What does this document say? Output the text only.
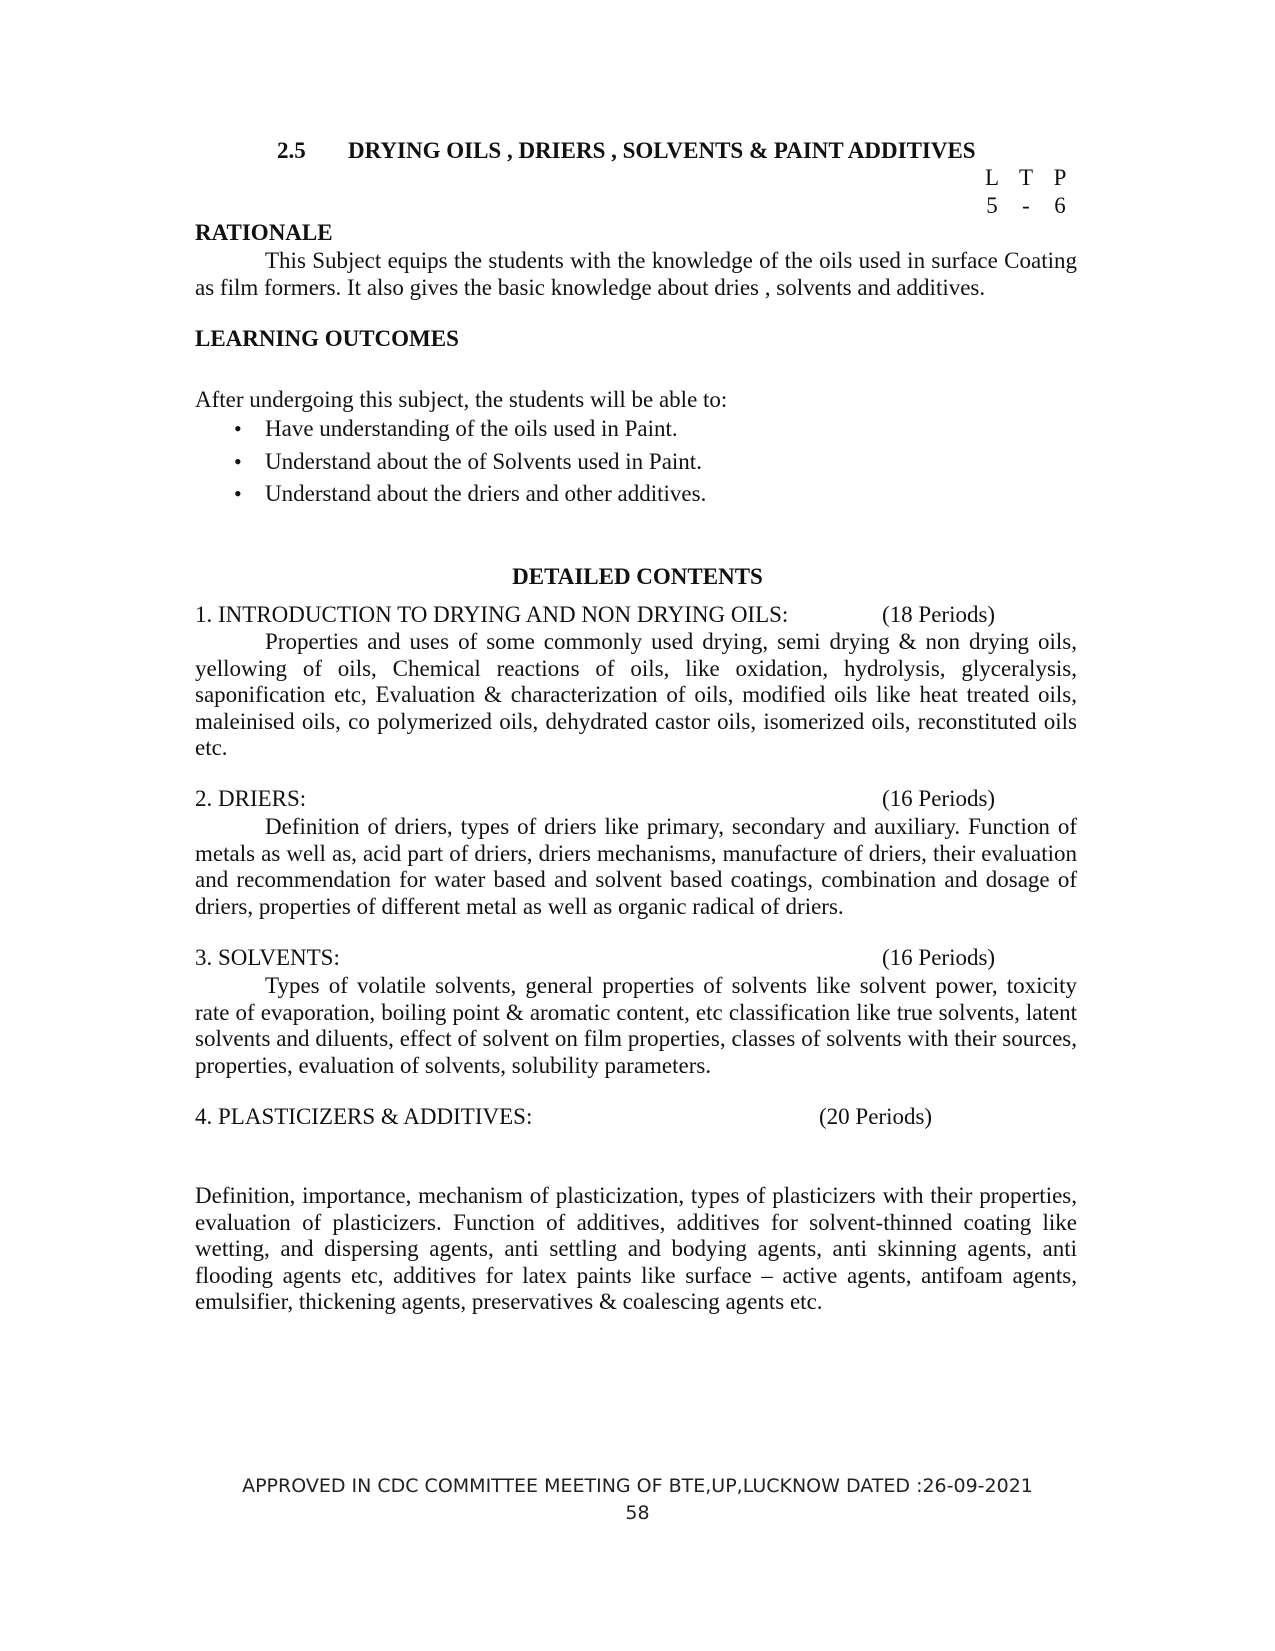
2.5 DRYING OILS , DRIERS , SOLVENTS & PAINT ADDITIVES
L T P
5	-	6
RATIONALE
This Subject equips the students with the knowledge of the oils used in surface Coating as film formers. It also gives the basic knowledge about dries , solvents and additives.
LEARNING OUTCOMES
After undergoing this subject, the students will be able to:
• Have understanding of the oils used in Paint.
• Understand about the of Solvents used in Paint.
• Understand about the driers and other additives.
DETAILED CONTENTS
1. INTRODUCTION TO DRYING AND NON DRYING OILS:	(18 Periods)
Properties and uses of some commonly used drying, semi drying & non drying oils, yellowing of oils, Chemical reactions of oils, like oxidation, hydrolysis, glyceralysis, saponification etc, Evaluation & characterization of oils, modified oils like heat treated oils, maleinised oils, co polymerized oils, dehydrated castor oils, isomerized oils, reconstituted oils etc.
2. DRIERS:	(16 Periods)
Definition of driers, types of driers like primary, secondary and auxiliary. Function of metals as well as, acid part of driers, driers mechanisms, manufacture of driers, their evaluation and recommendation for water based and solvent based coatings, combination and dosage of driers, properties of different metal as well as organic radical of driers.
3. SOLVENTS:	(16 Periods)
Types of volatile solvents, general properties of solvents like solvent power, toxicity rate of evaporation, boiling point & aromatic content, etc classification like true solvents, latent solvents and diluents, effect of solvent on film properties, classes of solvents with their sources, properties, evaluation of solvents, solubility parameters.
4. PLASTICIZERS & ADDITIVES:	(20 Periods)
Definition, importance, mechanism of plasticization, types of plasticizers with their properties, evaluation of plasticizers. Function of additives, additives for solvent-thinned coating like wetting, and dispersing agents, anti settling and bodying agents, anti skinning agents, anti flooding agents etc, additives for latex paints like surface – active agents, antifoam agents, emulsifier, thickening agents, preservatives & coalescing agents etc.
APPROVED IN CDC COMMITTEE MEETING OF BTE,UP,LUCKNOW DATED :26-09-2021
58
